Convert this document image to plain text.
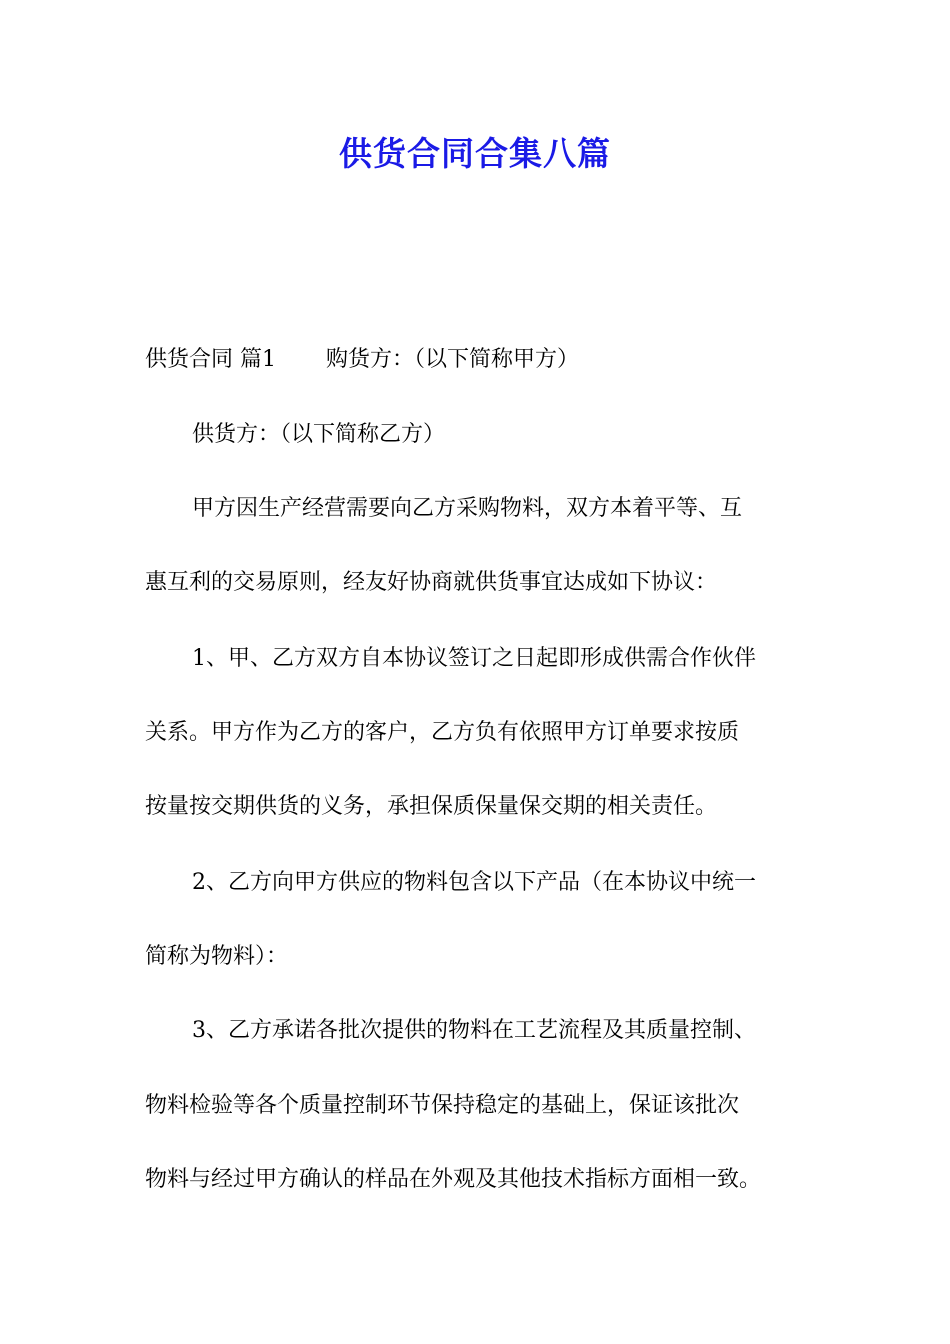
供货合同合集八篇

供货合同 篇1 购货方：（以下简称甲方）

供货方：（以下简称乙方）

甲方因生产经营需要向乙方采购物料，双方本着平等、互

惠互利的交易原则，经友好协商就供货事宜达成如下协议：

1、甲、乙方双方自本协议签订之日起即形成供需合作伙伴

关系。甲方作为乙方的客户，乙方负有依照甲方订单要求按质

按量按交期供货的义务，承担保质保量保交期的相关责任。

2、乙方向甲方供应的物料包含以下产品（在本协议中统一

简称为物料）：

3、乙方承诺各批次提供的物料在工艺流程及其质量控制、

物料检验等各个质量控制环节保持稳定的基础上，保证该批次

物料与经过甲方确认的样品在外观及其他技术指标方面相一致。
